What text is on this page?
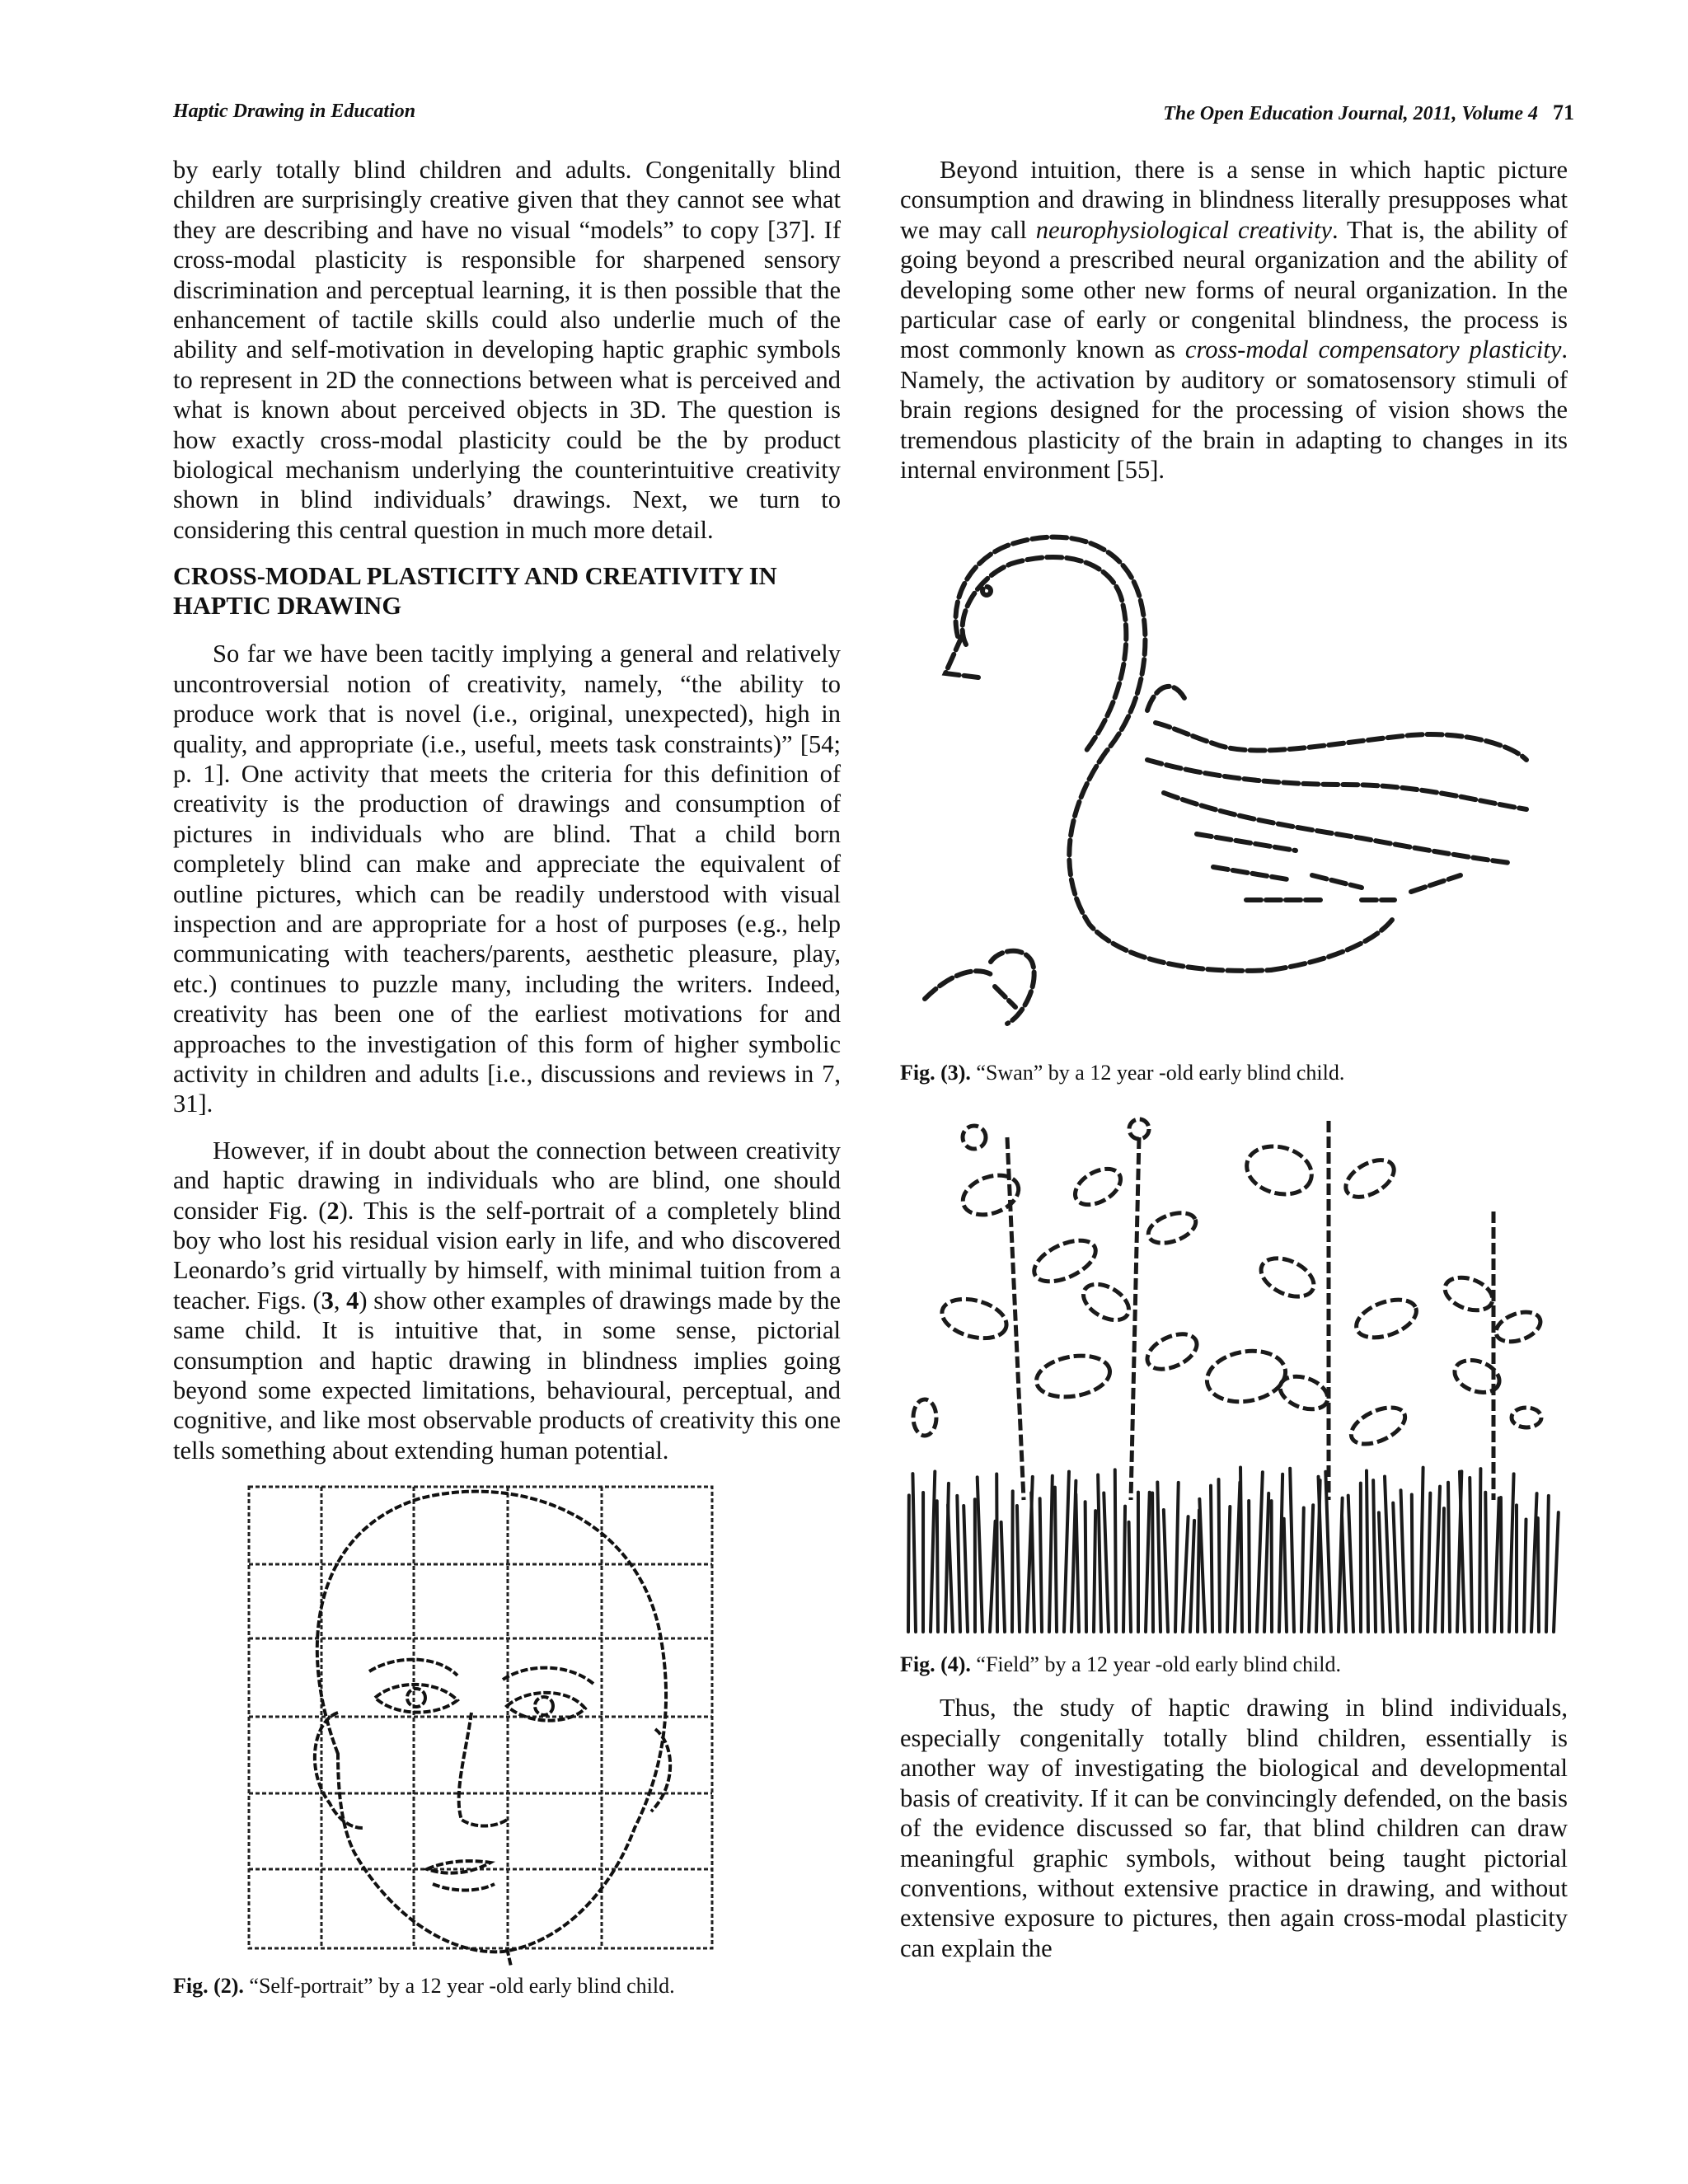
Haptic Drawing in Education	The Open Education Journal, 2011, Volume 4 71

by early totally blind children and adults. Congenitally blind children are surprisingly creative given that they cannot see what they are describing and have no visual “models” to copy [37]. If cross-modal plasticity is responsible for sharpened sensory discrimination and perceptual learning, it is then possible that the enhancement of tactile skills could also underlie much of the ability and self-motivation in developing haptic graphic symbols to represent in 2D the connections between what is perceived and what is known about perceived objects in 3D. The question is how exactly cross-modal plasticity could be the by product biological mechanism underlying the counterintuitive creativity shown in blind individuals’ drawings. Next, we turn to considering this central question in much more detail.

CROSS-MODAL PLASTICITY AND CREATIVITY IN HAPTIC DRAWING

So far we have been tacitly implying a general and relatively uncontroversial notion of creativity, namely, “the ability to produce work that is novel (i.e., original, unexpected), high in quality, and appropriate (i.e., useful, meets task constraints)” [54; p. 1]. One activity that meets the criteria for this definition of creativity is the production of drawings and consumption of pictures in individuals who are blind. That a child born completely blind can make and appreciate the equivalent of outline pictures, which can be readily understood with visual inspection and are appropriate for a host of purposes (e.g., help communicating with teachers/parents, aesthetic pleasure, play, etc.) continues to puzzle many, including the writers. Indeed, creativity has been one of the earliest motivations for and approaches to the investigation of this form of higher symbolic activity in children and adults [i.e., discussions and reviews in 7, 31].

However, if in doubt about the connection between creativity and haptic drawing in individuals who are blind, one should consider Fig. (2). This is the self-portrait of a completely blind boy who lost his residual vision early in life, and who discovered Leonardo’s grid virtually by himself, with minimal tuition from a teacher. Figs. (3, 4) show other examples of drawings made by the same child. It is intuitive that, in some sense, pictorial consumption and haptic drawing in blindness implies going beyond some expected limitations, behavioural, perceptual, and cognitive, and like most observable products of creativity this one tells something about extending human potential.

Fig. (2). “Self-portrait” by a 12 year -old early blind child.

Beyond intuition, there is a sense in which haptic picture consumption and drawing in blindness literally presupposes what we may call neurophysiological creativity. That is, the ability of going beyond a prescribed neural organization and the ability of developing some other new forms of neural organization. In the particular case of early or congenital blindness, the process is most commonly known as cross-modal compensatory plasticity. Namely, the activation by auditory or somatosensory stimuli of brain regions designed for the processing of vision shows the tremendous plasticity of the brain in adapting to changes in its internal environment [55].

Fig. (3). “Swan” by a 12 year -old early blind child.
Fig. (4). “Field” by a 12 year -old early blind child.

Thus, the study of haptic drawing in blind individuals, especially congenitally totally blind children, essentially is another way of investigating the biological and developmental basis of creativity. If it can be convincingly defended, on the basis of the evidence discussed so far, that blind children can draw meaningful graphic symbols, without being taught pictorial conventions, without extensive practice in drawing, and without extensive exposure to pictures, then again cross-modal plasticity can explain the
